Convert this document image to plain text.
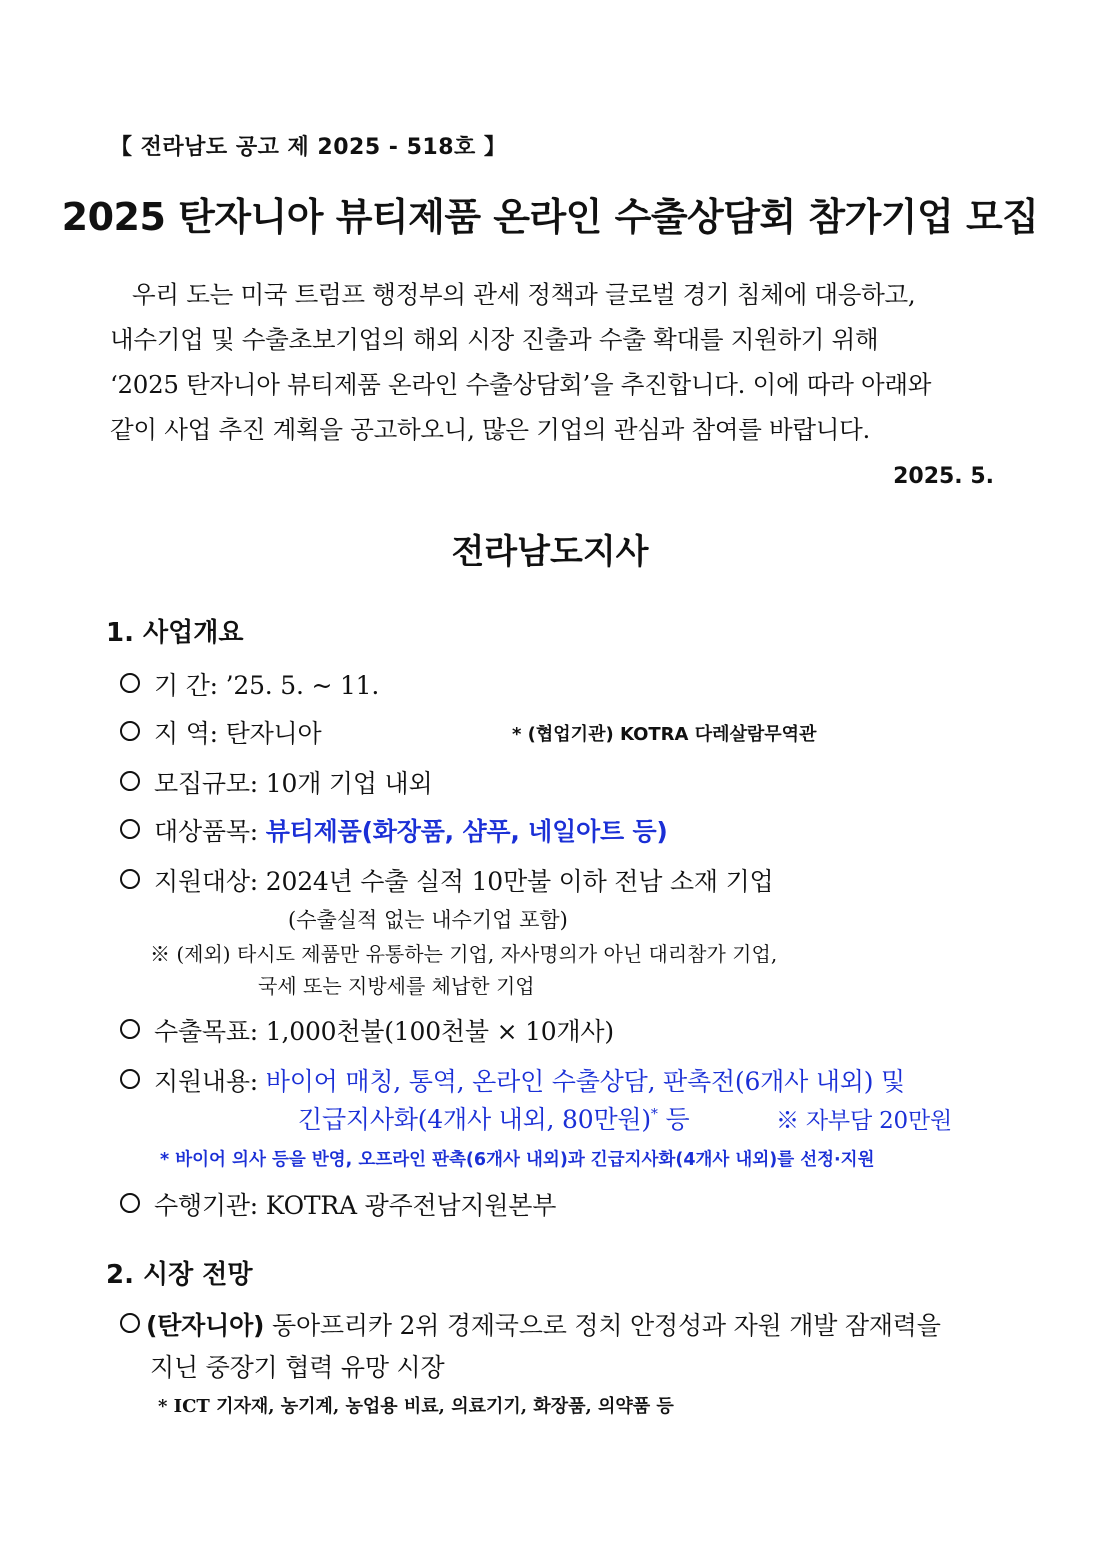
【 전라남도 공고 제 2025 - 518호 】
2025 탄자니아 뷰티제품 온라인 수출상담회 참가기업 모집
우리 도는 미국 트럼프 행정부의 관세 정책과 글로벌 경기 침체에 대응하고,
내수기업 및 수출초보기업의 해외 시장 진출과 수출 확대를 지원하기 위해
‘2025 탄자니아 뷰티제품 온라인 수출상담회’을 추진합니다. 이에 따라 아래와
같이 사업 추진 계획을 공고하오니, 많은 기업의 관심과 참여를 바랍니다.
2025. 5.
전라남도지사
1. 사업개요
기 간: ’25. 5. ~ 11.
지 역: 탄자니아	* (협업기관) KOTRA 다레살람무역관
모집규모: 10개 기업 내외
대상품목: 뷰티제품(화장품, 샴푸, 네일아트 등)
지원대상: 2024년 수출 실적 10만불 이하 전남 소재 기업
(수출실적 없는 내수기업 포함)
※ (제외) 타시도 제품만 유통하는 기업, 자사명의가 아닌 대리참가 기업,
국세 또는 지방세를 체납한 기업
수출목표: 1,000천불(100천불 × 10개사)
지원내용: 바이어 매칭, 통역, 온라인 수출상담, 판촉전(6개사 내외) 및
긴급지사화(4개사 내외, 80만원)* 등	※ 자부담 20만원
* 바이어 의사 등을 반영, 오프라인 판촉(6개사 내외)과 긴급지사화(4개사 내외)를 선정·지원
수행기관: KOTRA 광주전남지원본부
2. 시장 전망
(탄자니아) 동아프리카 2위 경제국으로 정치 안정성과 자원 개발 잠재력을
지닌 중장기 협력 유망 시장
* ICT 기자재, 농기계, 농업용 비료, 의료기기, 화장품, 의약품 등
